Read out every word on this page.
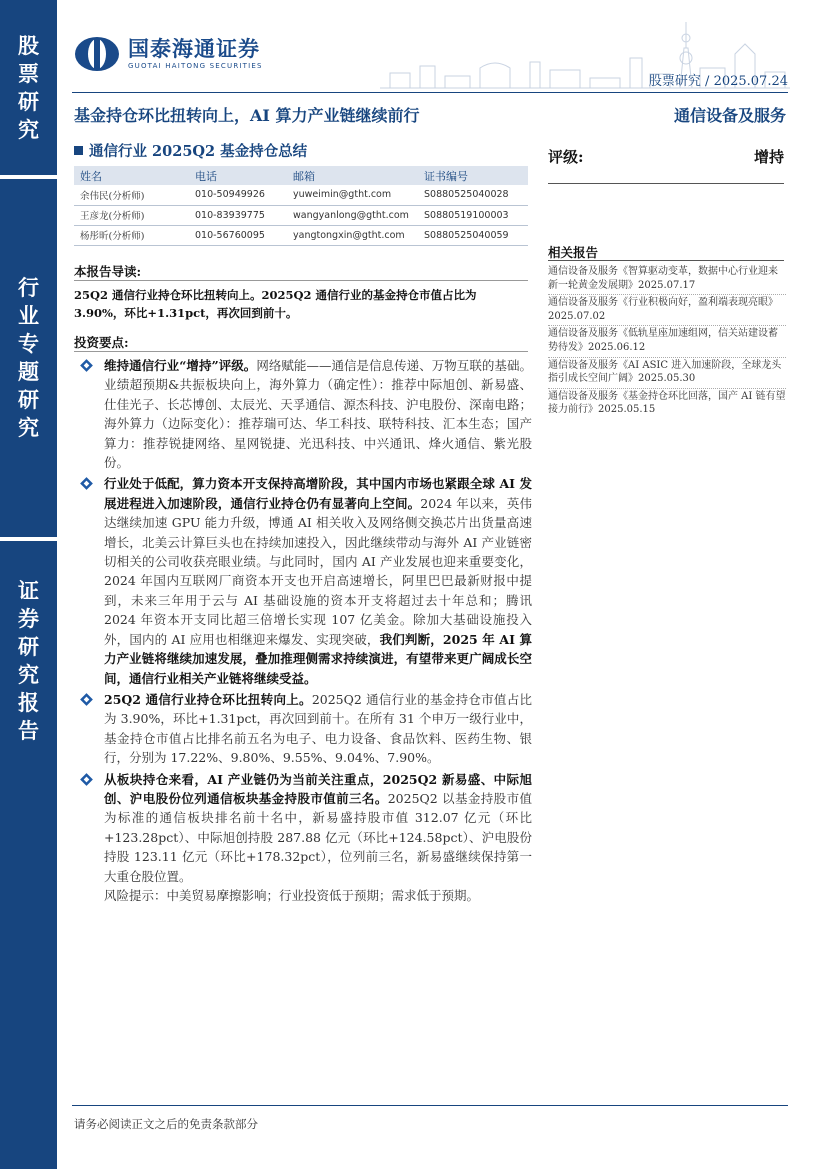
股
票
研
究
行
业
专
题
研
究
证
券
研
究
报
告
国泰海通证券
GUOTAI HAITONG SECURITIES
股票研究 / 2025.07.24
基金持仓环比扭转向上，AI 算力产业链继续前行	通信设备及服务
通信行业 2025Q2 基金持仓总结	评级:	增持
姓名	电话	邮箱	证书编号
余伟民(分析师)	010-50949926	yuweimin@gtht.com	S0880525040028
王彦龙(分析师)	010-83939775	wangyanlong@gtht.com	S0880519100003
杨彤昕(分析师)	010-56760095	yangtongxin@gtht.com	S0880525040059
本报告导读:
25Q2 通信行业持仓环比扭转向上。2025Q2 通信行业的基金持仓市值占比为 3.90%，环比+1.31pct，再次回到前十。
投资要点:
维持通信行业“增持”评级。网络赋能——通信是信息传递、万物互联的基础。业绩超预期&共振板块向上，海外算力（确定性）：推荐中际旭创、新易盛、仕佳光子、长芯博创、太辰光、天孚通信、源杰科技、沪电股份、深南电路；海外算力（边际变化）：推荐瑞可达、华工科技、联特科技、汇本生态；国产算力：推荐锐捷网络、星网锐捷、光迅科技、中兴通讯、烽火通信、紫光股份。
行业处于低配，算力资本开支保持高增阶段，其中国内市场也紧跟全球 AI 发展进程进入加速阶段，通信行业持仓仍有显著向上空间。2024 年以来，英伟达继续加速 GPU 能力升级，博通 AI 相关收入及网络侧交换芯片出货量高速增长，北美云计算巨头也在持续加速投入，因此继续带动与海外 AI 产业链密切相关的公司收获亮眼业绩。与此同时，国内 AI 产业发展也迎来重要变化， 2024 年国内互联网厂商资本开支也开启高速增长，阿里巴巴最新财报中提到，未来三年用于云与 AI 基础设施的资本开支将超过去十年总和；腾讯 2024 年资本开支同比超三倍增长实现 107 亿美金。除加大基础设施投入外，国内的 AI 应用也相继迎来爆发、实现突破，我们判断，2025 年 AI 算力产业链将继续加速发展，叠加推理侧需求持续演进，有望带来更广阔成长空间，通信行业相关产业链将继续受益。
25Q2 通信行业持仓环比扭转向上。2025Q2 通信行业的基金持仓市值占比为 3.90%，环比+1.31pct，再次回到前十。在所有 31 个申万一级行业中，基金持仓市值占比排名前五名为电子、电力设备、食品饮料、医药生物、银行，分别为 17.22%、9.80%、9.55%、9.04%、7.90%。
从板块持仓来看，AI 产业链仍为当前关注重点，2025Q2 新易盛、中际旭创、沪电股份位列通信板块基金持股市值前三名。2025Q2 以基金持股市值为标准的通信板块排名前十名中，新易盛持股市值 312.07 亿元（环比+123.28pct）、中际旭创持股 287.88 亿元（环比+124.58pct）、沪电股份持股 123.11 亿元（环比+178.32pct），位列前三名，新易盛继续保持第一大重仓股位置。
风险提示：中美贸易摩擦影响；行业投资低于预期；需求低于预期。
相关报告
通信设备及服务《智算驱动变革，数据中心行业迎来新一轮黄金发展期》2025.07.17
通信设备及服务《行业积极向好，盈利端表现亮眼》2025.07.02
通信设备及服务《低轨星座加速组网，信关站建设蓄势待发》2025.06.12
通信设备及服务《AI ASIC 进入加速阶段，全球龙头指引成长空间广阔》2025.05.30
通信设备及服务《基金持仓环比回落，国产 AI 链有望接力前行》2025.05.15
请务必阅读正文之后的免责条款部分
